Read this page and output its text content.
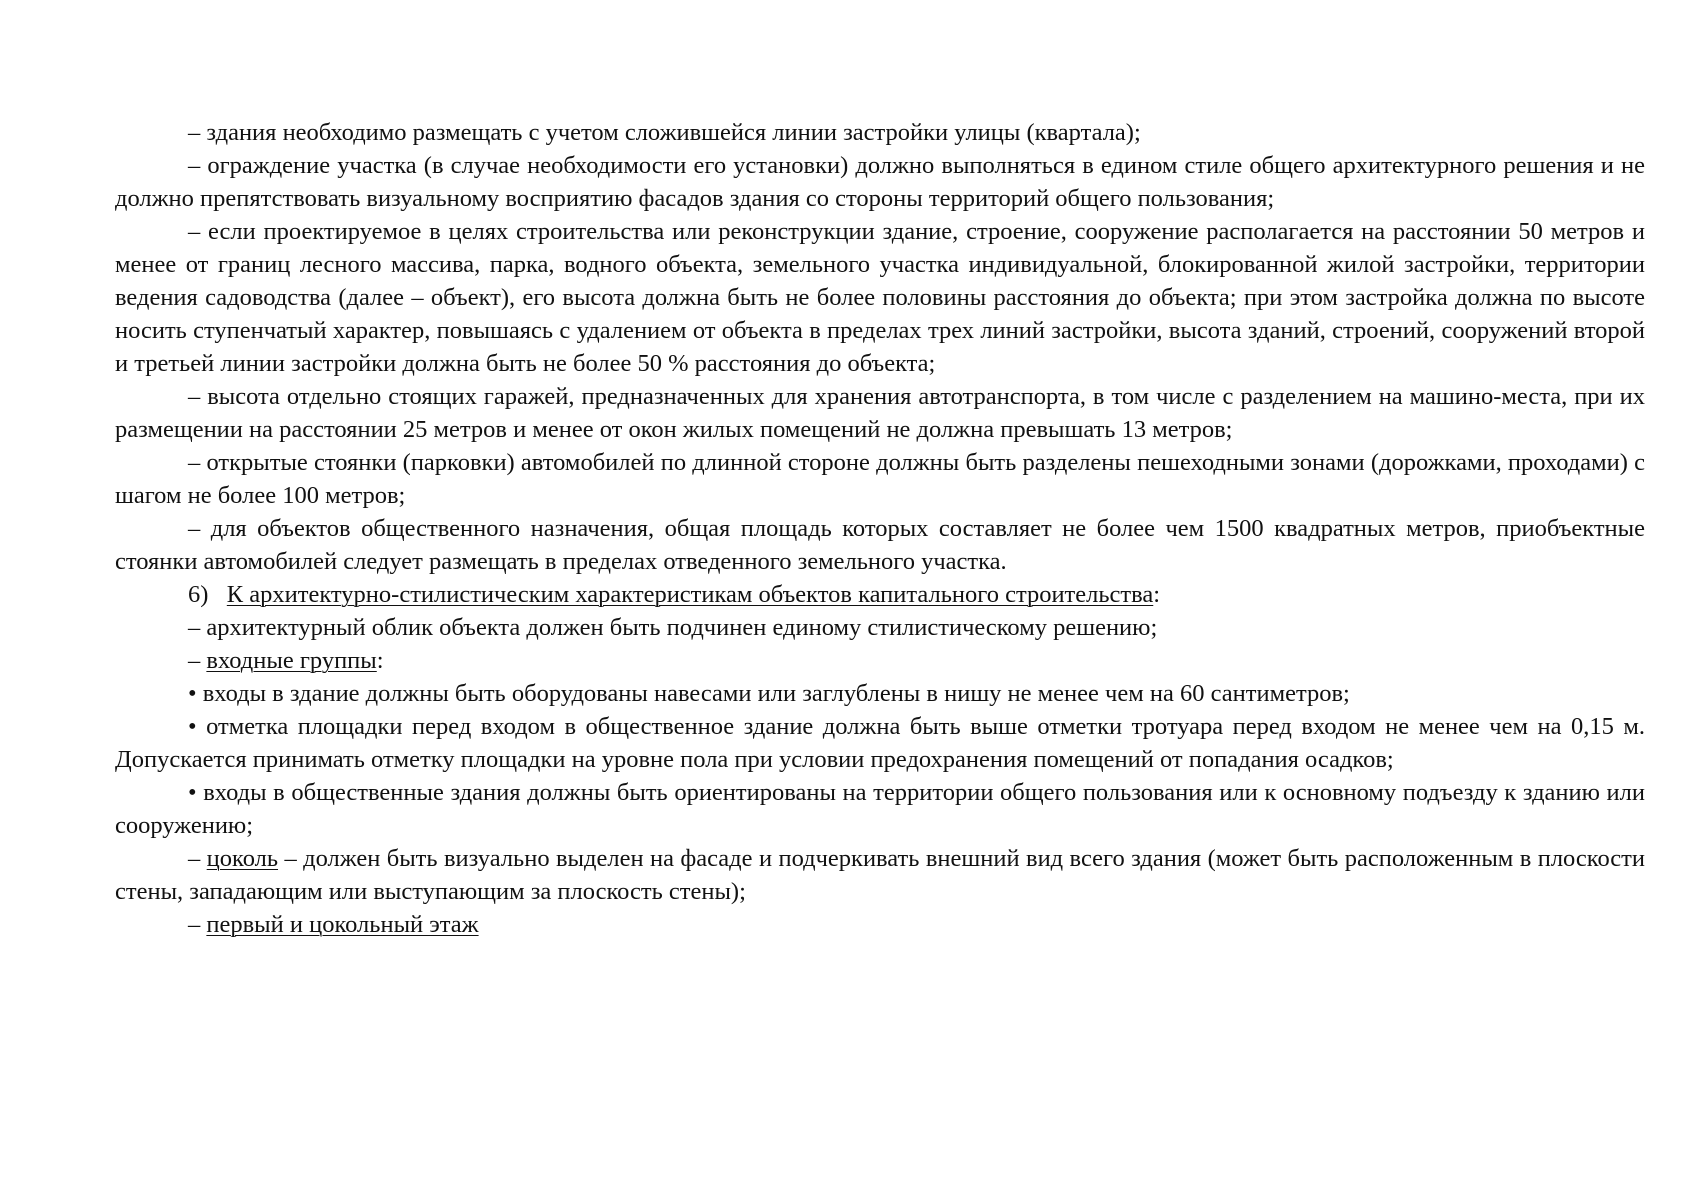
– здания необходимо размещать с учетом сложившейся линии застройки улицы (квартала);

– ограждение участка (в случае необходимости его установки) должно выполняться в едином стиле общего архитектурного решения и не должно препятствовать визуальному восприятию фасадов здания со стороны территорий общего пользования;

– если проектируемое в целях строительства или реконструкции здание, строение, сооружение располагается на расстоянии 50 метров и менее от границ лесного массива, парка, водного объекта, земельного участка индивидуальной, блокированной жилой застройки, территории ведения садоводства (далее – объект), его высота должна быть не более половины расстояния до объекта; при этом застройка должна по высоте носить ступенчатый характер, повышаясь с удалением от объекта в пределах трех линий застройки, высота зданий, строений, сооружений второй и третьей линии застройки должна быть не более 50 % расстояния до объекта;

– высота отдельно стоящих гаражей, предназначенных для хранения автотранспорта, в том числе с разделением на машино-места, при их размещении на расстоянии 25 метров и менее от окон жилых помещений не должна превышать 13 метров;

– открытые стоянки (парковки) автомобилей по длинной стороне должны быть разделены пешеходными зонами (дорожками, проходами) с шагом не более 100 метров;

– для объектов общественного назначения, общая площадь которых составляет не более чем 1500 квадратных метров, приобъектные стоянки автомобилей следует размещать в пределах отведенного земельного участка.

6) К архитектурно-стилистическим характеристикам объектов капитального строительства:

– архитектурный облик объекта должен быть подчинен единому стилистическому решению;

– входные группы:

• входы в здание должны быть оборудованы навесами или заглублены в нишу не менее чем на 60 сантиметров;

• отметка площадки перед входом в общественное здание должна быть выше отметки тротуара перед входом не менее чем на 0,15 м. Допускается принимать отметку площадки на уровне пола при условии предохранения помещений от попадания осадков;

• входы в общественные здания должны быть ориентированы на территории общего пользования или к основному подъезду к зданию или сооружению;

– цоколь – должен быть визуально выделен на фасаде и подчеркивать внешний вид всего здания (может быть расположенным в плоскости стены, западающим или выступающим за плоскость стены);

– первый и цокольный этаж
